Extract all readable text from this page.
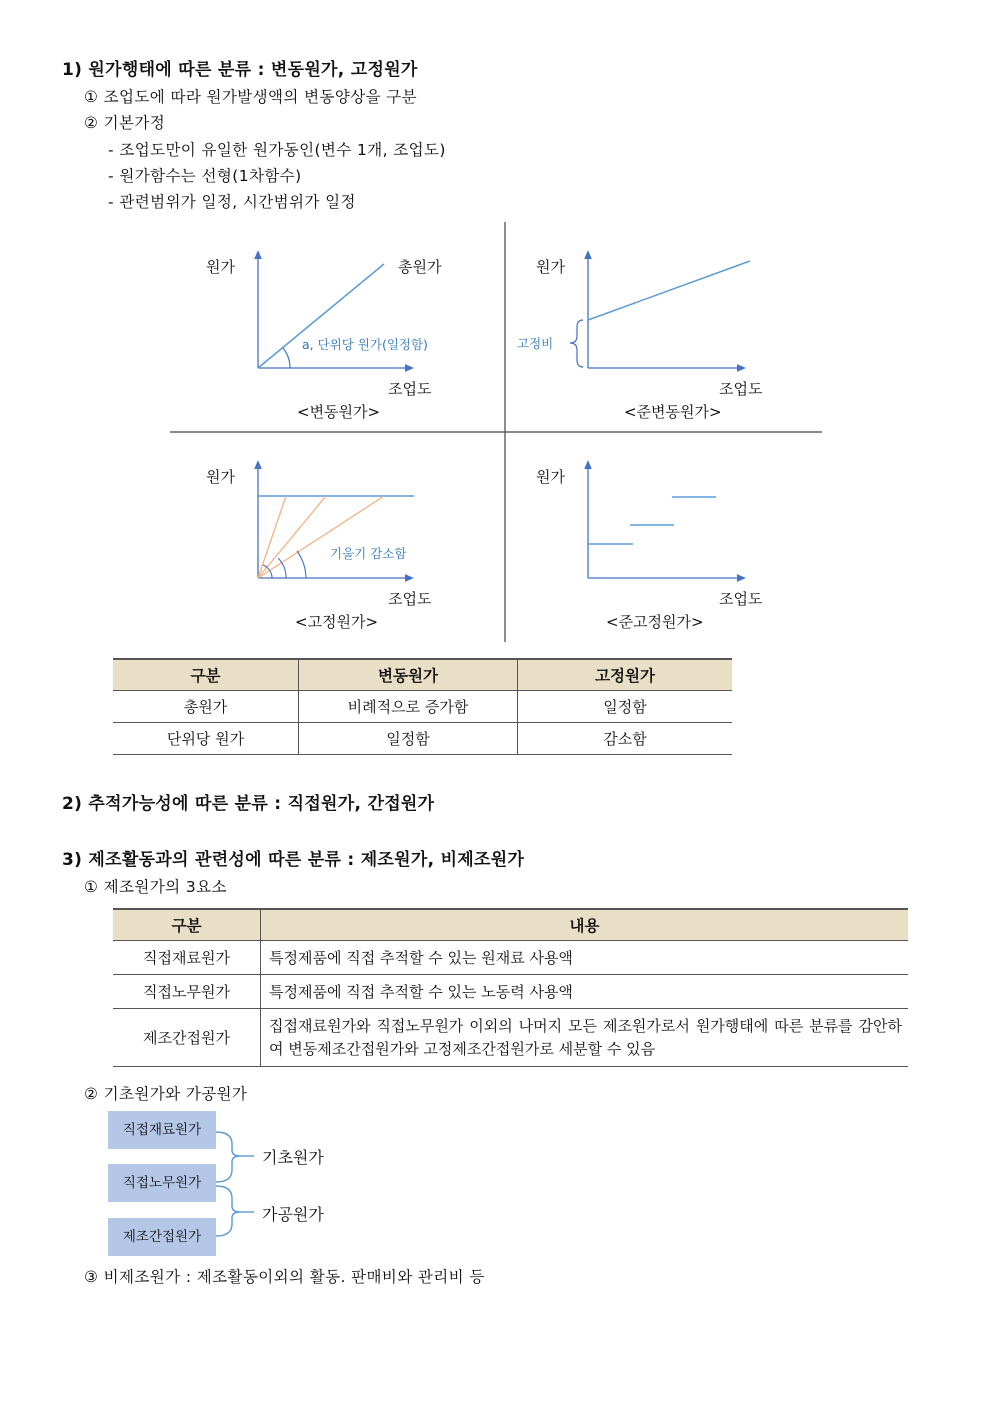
1) 원가행태에 따른 분류 : 변동원가, 고정원가
① 조업도에 따라 원가발생액의 변동양상을 구분
② 기본가정
- 조업도만이 유일한 원가동인(변수 1개, 조업도)
- 원가함수는 선형(1차함수)
- 관련범위가 일정, 시간범위가 일정
원가	총원가
a, 단위당 원가(일정함)
조업도
<변동원가>
원가
고정비
조업도
<준변동원가>
원가
기울기 감소함
조업도
<고정원가>
원가
조업도
<준고정원가>
구분	변동원가	고정원가
총원가	비례적으로 증가함	일정함
단위당 원가	일정함	감소함
2) 추적가능성에 따른 분류 : 직접원가, 간접원가
3) 제조활동과의 관련성에 따른 분류 : 제조원가, 비제조원가
① 제조원가의 3요소
구분	내용
직접재료원가	특정제품에 직접 추적할 수 있는 원재료 사용액
직접노무원가	특정제품에 직접 추적할 수 있는 노동력 사용액
제조간접원가	집접재료원가와 직접노무원가 이외의 나머지 모든 제조원가로서 원가행태에 따른 분류를 감안하여 변동제조간접원가와 고정제조간접원가로 세분할 수 있음
② 기초원가와 가공원가
직접재료원가
직접노무원가
제조간접원가
기초원가
가공원가
③ 비제조원가 : 제조활동이외의 활동. 판매비와 관리비 등
